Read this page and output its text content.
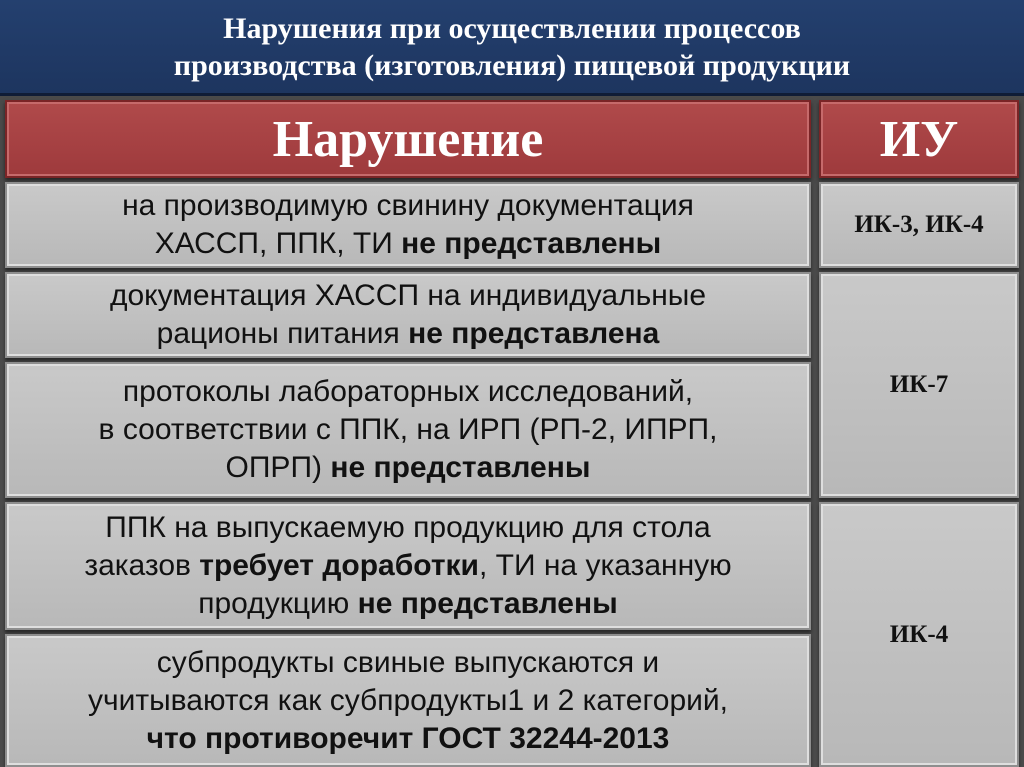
Нарушения при осуществлении процессов
производства (изготовления) пищевой продукции
Нарушение	ИУ
на производимую свинину документация
ХАССП, ППК, ТИ не представлены
документация ХАССП на индивидуальные
рационы питания не представлена
протоколы лабораторных исследований,
в соответствии с ППК, на ИРП (РП-2, ИПРП,
ОПРП) не представлены
ППК на выпускаемую продукцию для стола
заказов требует доработки, ТИ на указанную
продукцию не представлены
субпродукты свиные выпускаются и
учитываются как субпродукты1 и 2 категорий,
что противоречит ГОСТ 32244-2013
ИК-3, ИК-4
ИК-7
ИК-4
